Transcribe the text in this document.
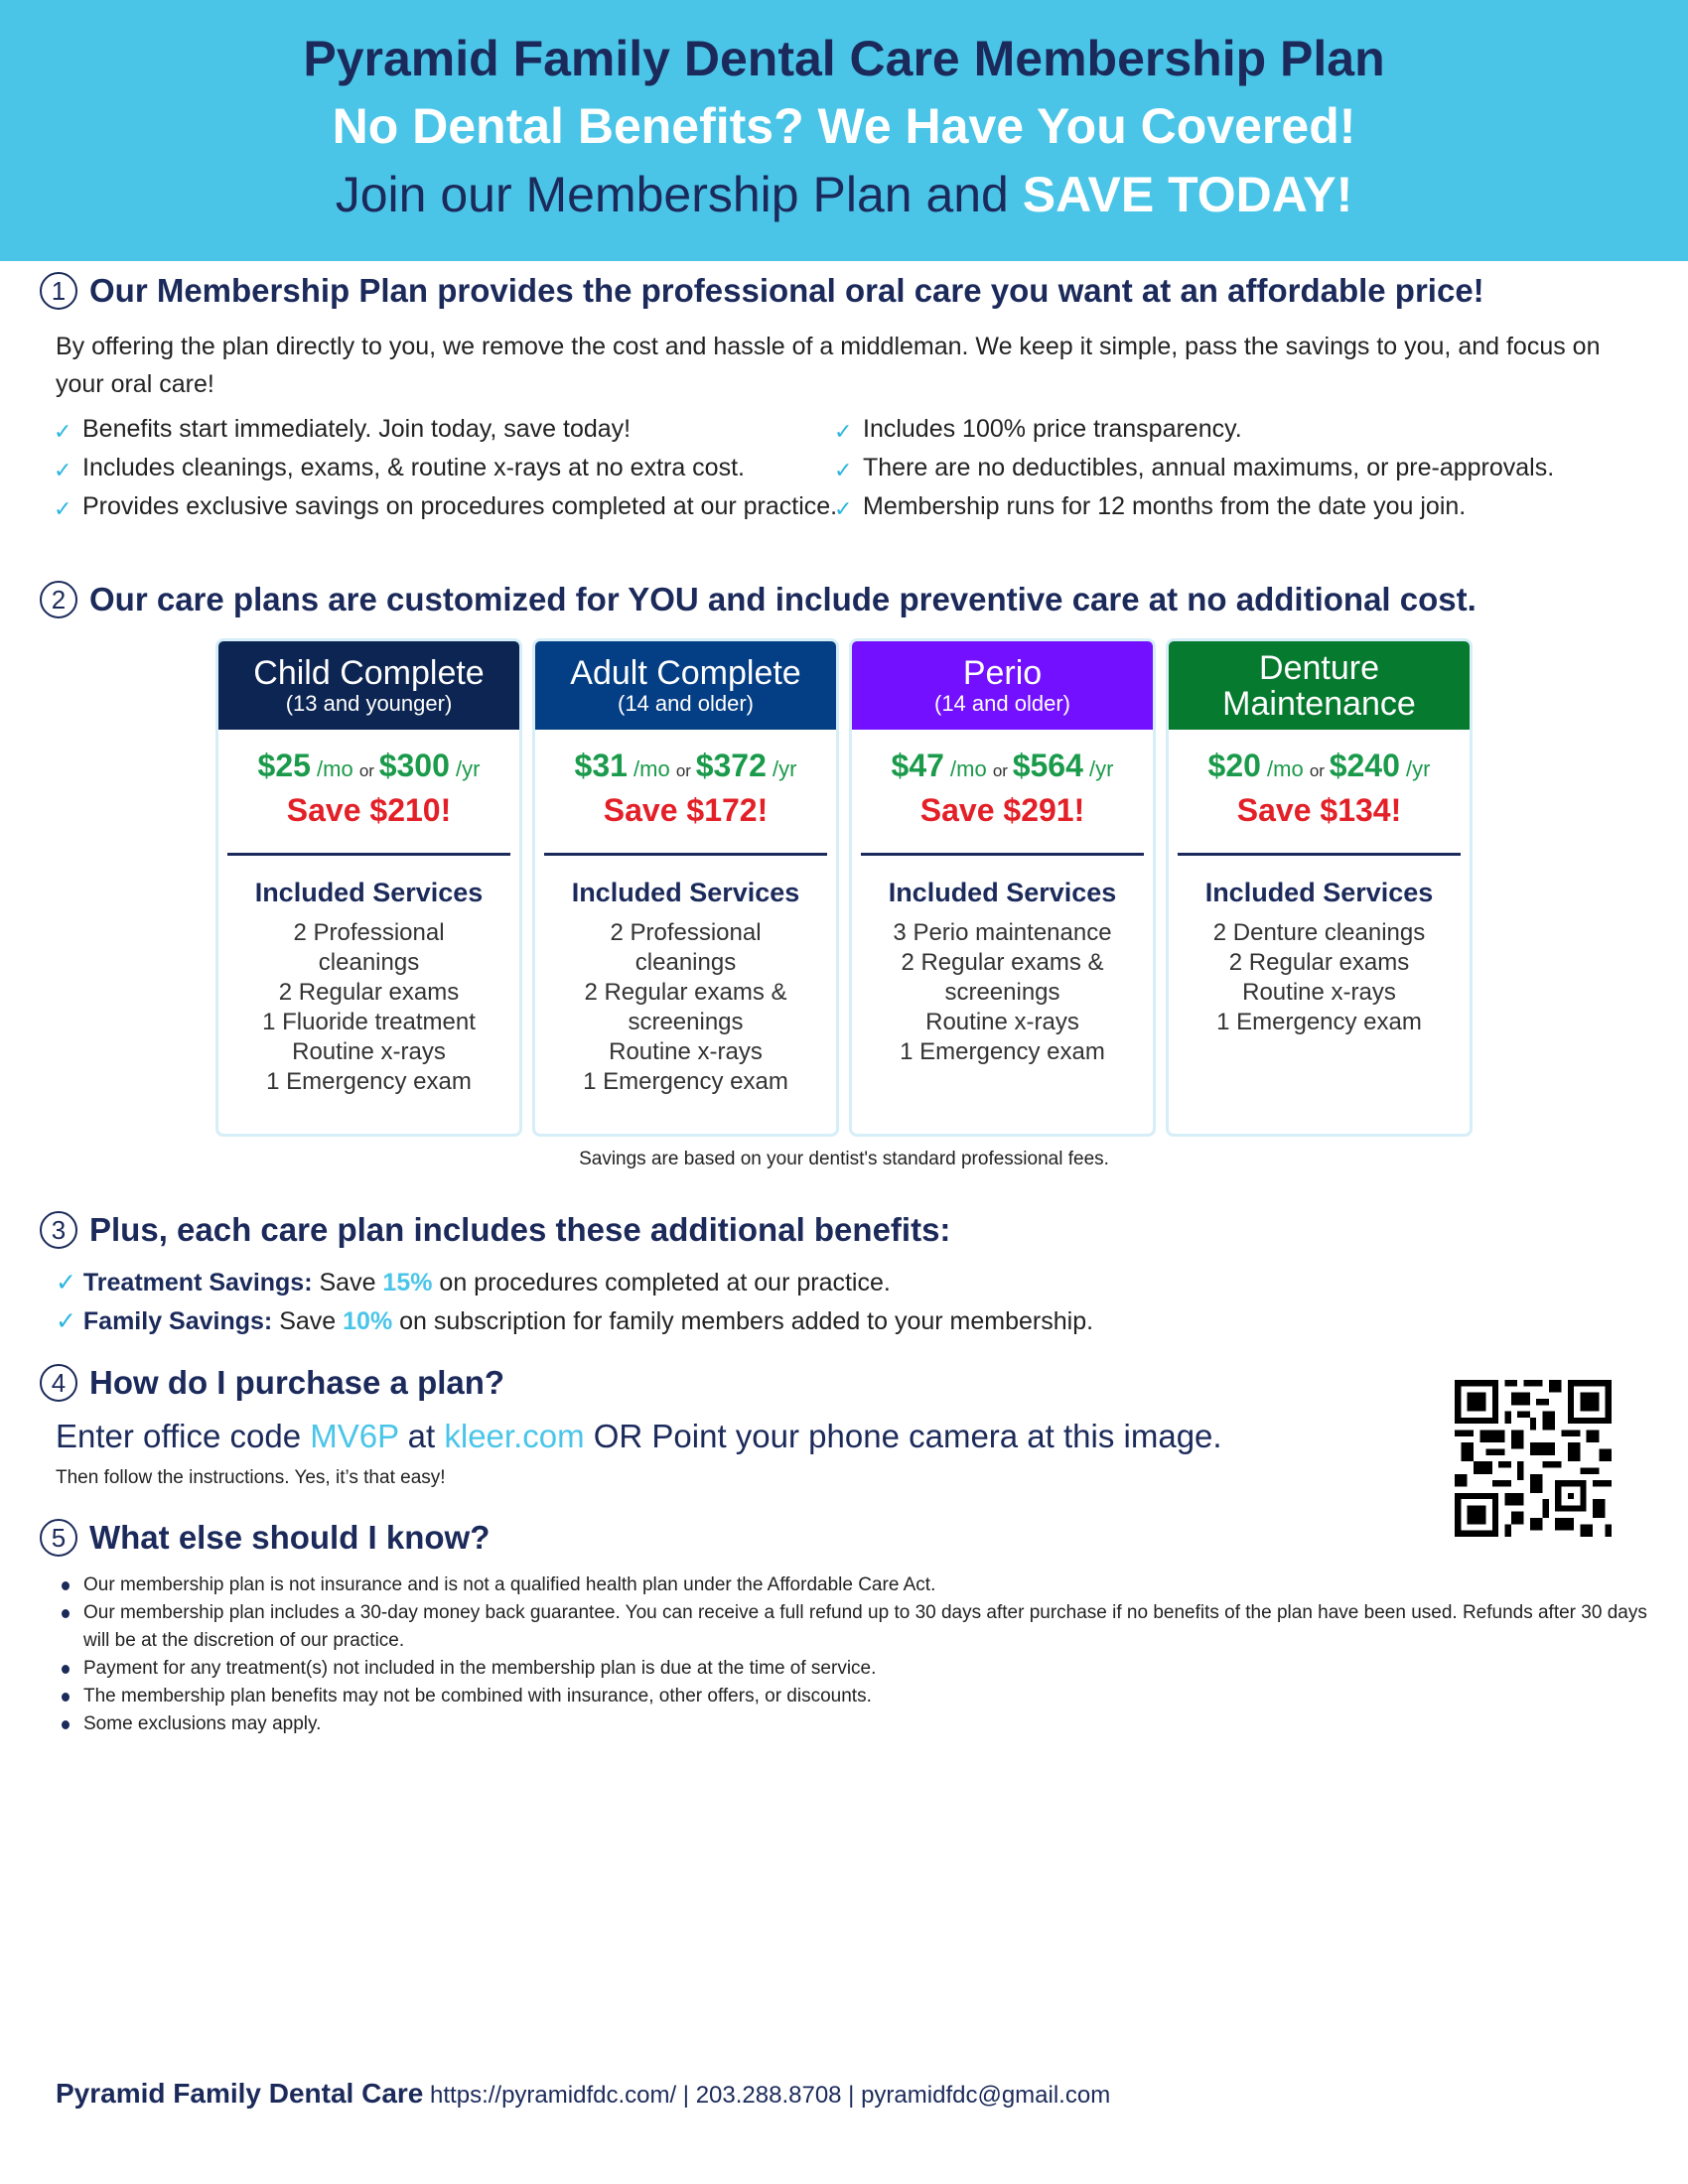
Pyramid Family Dental Care Membership Plan
No Dental Benefits? We Have You Covered!
Join our Membership Plan and SAVE TODAY!
1 Our Membership Plan provides the professional oral care you want at an affordable price!
By offering the plan directly to you, we remove the cost and hassle of a middleman. We keep it simple, pass the savings to you, and focus on your oral care!
✓ Benefits start immediately. Join today, save today!
✓ Includes cleanings, exams, & routine x-rays at no extra cost.
✓ Provides exclusive savings on procedures completed at our practice.
✓ Includes 100% price transparency.
✓ There are no deductibles, annual maximums, or pre-approvals.
✓ Membership runs for 12 months from the date you join.
2 Our care plans are customized for YOU and include preventive care at no additional cost.
Child Complete
(13 and younger)
$25 /mo or $300 /yr
Save $210!
Included Services
2 Professional cleanings
2 Regular exams
1 Fluoride treatment
Routine x-rays
1 Emergency exam
Adult Complete
(14 and older)
$31 /mo or $372 /yr
Save $172!
Included Services
2 Professional cleanings
2 Regular exams & screenings
Routine x-rays
1 Emergency exam
Perio
(14 and older)
$47 /mo or $564 /yr
Save $291!
Included Services
3 Perio maintenance
2 Regular exams & screenings
Routine x-rays
1 Emergency exam
Denture Maintenance
$20 /mo or $240 /yr
Save $134!
Included Services
2 Denture cleanings
2 Regular exams
Routine x-rays
1 Emergency exam
Savings are based on your dentist's standard professional fees.
3 Plus, each care plan includes these additional benefits:
✓ Treatment Savings: Save 15% on procedures completed at our practice.
✓ Family Savings: Save 10% on subscription for family members added to your membership.
4 How do I purchase a plan?
Enter office code MV6P at kleer.com OR Point your phone camera at this image.
Then follow the instructions. Yes, it’s that easy!
5 What else should I know?
Our membership plan is not insurance and is not a qualified health plan under the Affordable Care Act.
Our membership plan includes a 30-day money back guarantee. You can receive a full refund up to 30 days after purchase if no benefits of the plan have been used. Refunds after 30 days will be at the discretion of our practice.
Payment for any treatment(s) not included in the membership plan is due at the time of service.
The membership plan benefits may not be combined with insurance, other offers, or discounts.
Some exclusions may apply.
Pyramid Family Dental Care https://pyramidfdc.com/ | 203.288.8708 | pyramidfdc@gmail.com
